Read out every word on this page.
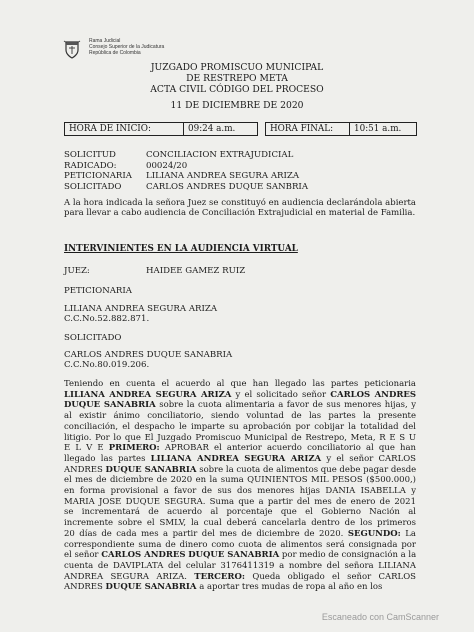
Rama Judicial
Consejo Superior de la Judicatura
República de Colombia
JUZGADO PROMISCUO MUNICIPAL
DE RESTREPO META
ACTA CIVIL CÓDIGO DEL PROCESO
11 DE DICIEMBRE DE 2020
HORA DE INICIO:	09:24 a.m.	HORA FINAL:	10:51 a.m.
SOLICITUD	CONCILIACION EXTRAJUDICIAL
RADICADO:	00024/20
PETICIONARIA	LILIANA ANDREA SEGURA ARIZA
SOLICITADO	CARLOS ANDRES DUQUE SANBRIA
A la hora indicada la señora Juez se constituyó en audiencia declarándola abierta para llevar a cabo audiencia de Conciliación Extrajudicial en material de Familia.
INTERVINIENTES EN LA AUDIENCIA VIRTUAL
JUEZ:	HAIDEE GAMEZ RUIZ
PETICIONARIA
LILIANA ANDREA SEGURA ARIZA
C.C.No.52.882.871.
SOLICITADO
CARLOS ANDRES DUQUE SANABRIA
C.C.No.80.019.206.
Teniendo en cuenta el acuerdo al que han llegado las partes peticionaria
LILIANA ANDREA SEGURA ARIZA y el solicitado señor CARLOS ANDRES
DUQUE SANABRIA sobre la cuota alimentaria a favor de sus menores hijas, y
al existir ánimo conciliatorio, siendo voluntad de las partes la presente
conciliación, el despacho le imparte su aprobación por cobijar la totalidad del
litigio. Por lo que El Juzgado Promiscuo Municipal de Restrepo, Meta, R E S U
E L V E PRIMERO: APROBAR el anterior acuerdo conciliatorio al que han
llegado las partes LILIANA ANDREA SEGURA ARIZA y el señor CARLOS
ANDRES DUQUE SANABRIA sobre la cuota de alimentos que debe pagar desde
el mes de diciembre de 2020 en la suma QUINIENTOS MIL PESOS ($500.000,)
en forma provisional a favor de sus dos menores hijas DANIA ISABELLA y
MARIA JOSE DUQUE SEGURA. Suma que a partir del mes de enero de 2021
se incrementará de acuerdo al porcentaje que el Gobierno Nación al
incremente sobre el SMLV, la cual deberá cancelarla dentro de los primeros
20 días de cada mes a partir del mes de diciembre de 2020. SEGUNDO: La
correspondiente suma de dinero como cuota de alimentos será consignada por
el señor CARLOS ANDRES DUQUE SANABRIA por medio de consignación a la
cuenta de DAVIPLATA del celular 3176411319 a nombre del señora LILIANA
ANDREA SEGURA ARIZA. TERCERO: Queda obligado el señor CARLOS
ANDRES DUQUE SANABRIA a aportar tres mudas de ropa al año en los
Escaneado con CamScanner
